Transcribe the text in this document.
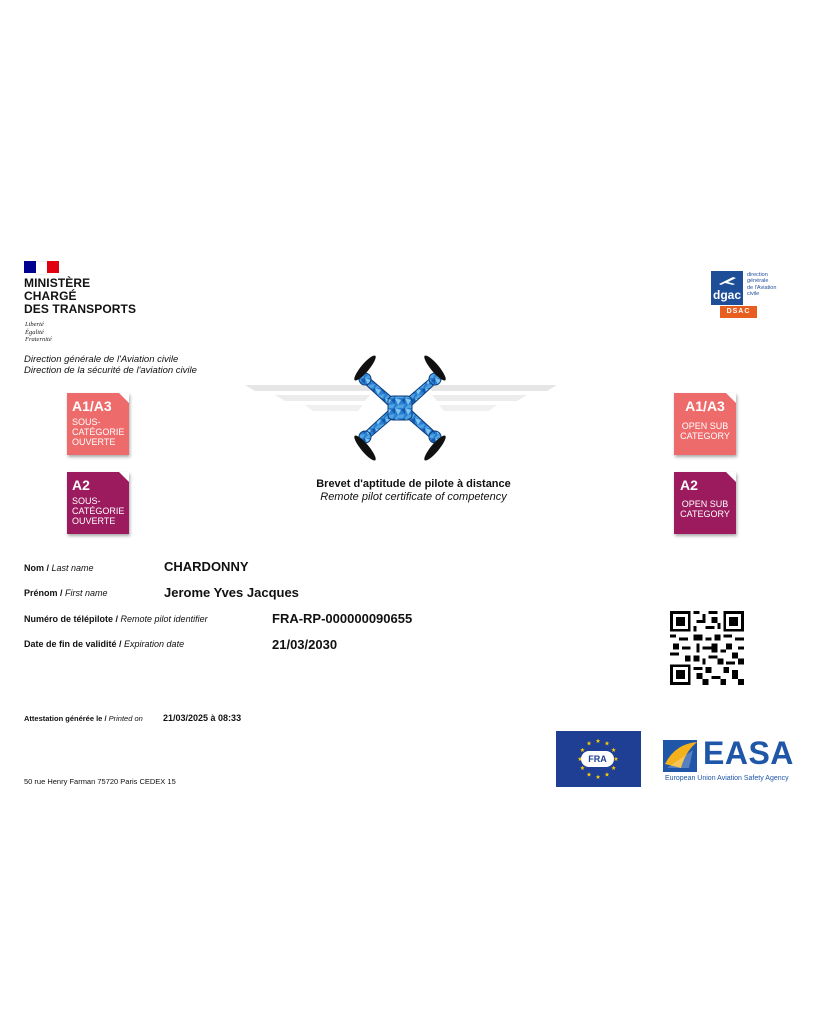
MINISTÈRE
CHARGÉ
DES TRANSPORTS
Liberté
Égalité
Fraternité
Direction générale de l'Aviation civile
Direction de la sécurité de l'aviation civile
dgac
direction
générale
de l'Aviation
civile
DSAC
A1/A3
SOUS-
CATÉGORIE
OUVERTE
A2
SOUS-
CATÉGORIE
OUVERTE
A1/A3
OPEN SUB
CATEGORY
A2
OPEN SUB
CATEGORY
Brevet d'aptitude de pilote à distance
Remote pilot certificate of competency
Nom / Last name	CHARDONNY
Prénom / First name	Jerome Yves Jacques
Numéro de télépilote / Remote pilot identifier	FRA-RP-000000090655
Date de fin de validité / Expiration date	21/03/2030
Attestation générée le / Printed on 21/03/2025 à 08:33
50 rue Henry Farman 75720 Paris CEDEX 15
FRA	EASA
European Union Aviation Safety Agency
